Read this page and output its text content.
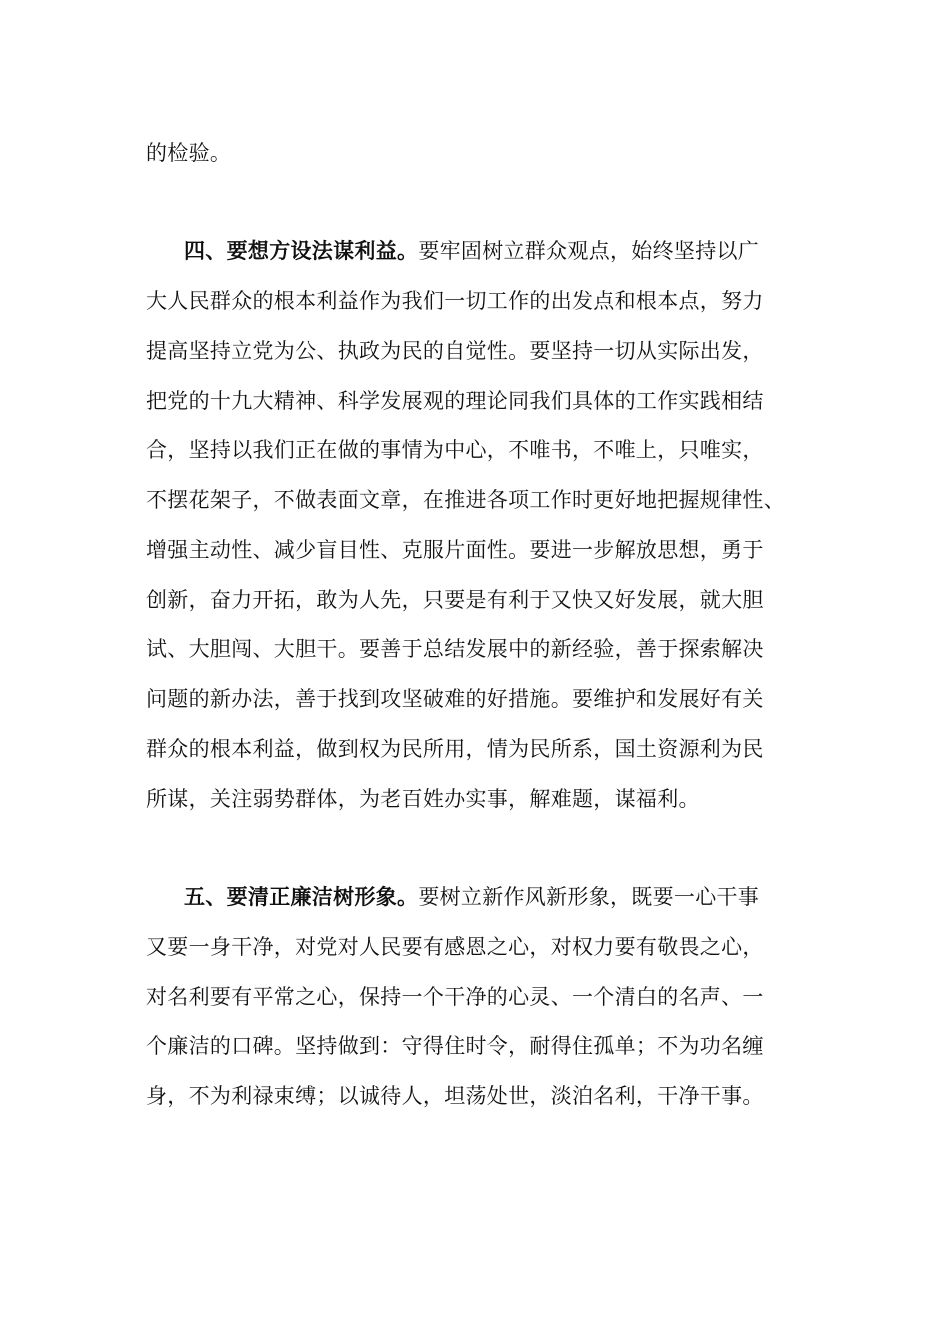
的检验。
四、要想方设法谋利益。要牢固树立群众观点，始终坚持以广
大人民群众的根本利益作为我们一切工作的出发点和根本点，努力
提高坚持立党为公、执政为民的自觉性。要坚持一切从实际出发，
把党的十九大精神、科学发展观的理论同我们具体的工作实践相结
合，坚持以我们正在做的事情为中心，不唯书，不唯上，只唯实，
不摆花架子，不做表面文章，在推进各项工作时更好地把握规律性、
增强主动性、减少盲目性、克服片面性。要进一步解放思想，勇于
创新，奋力开拓，敢为人先，只要是有利于又快又好发展，就大胆
试、大胆闯、大胆干。要善于总结发展中的新经验，善于探索解决
问题的新办法，善于找到攻坚破难的好措施。要维护和发展好有关
群众的根本利益，做到权为民所用，情为民所系，国土资源利为民
所谋，关注弱势群体，为老百姓办实事，解难题，谋福利。
五、要清正廉洁树形象。要树立新作风新形象，既要一心干事
又要一身干净，对党对人民要有感恩之心，对权力要有敬畏之心，
对名利要有平常之心，保持一个干净的心灵、一个清白的名声、一
个廉洁的口碑。坚持做到：守得住时令，耐得住孤单；不为功名缠
身，不为利禄束缚；以诚待人，坦荡处世，淡泊名利，干净干事。
